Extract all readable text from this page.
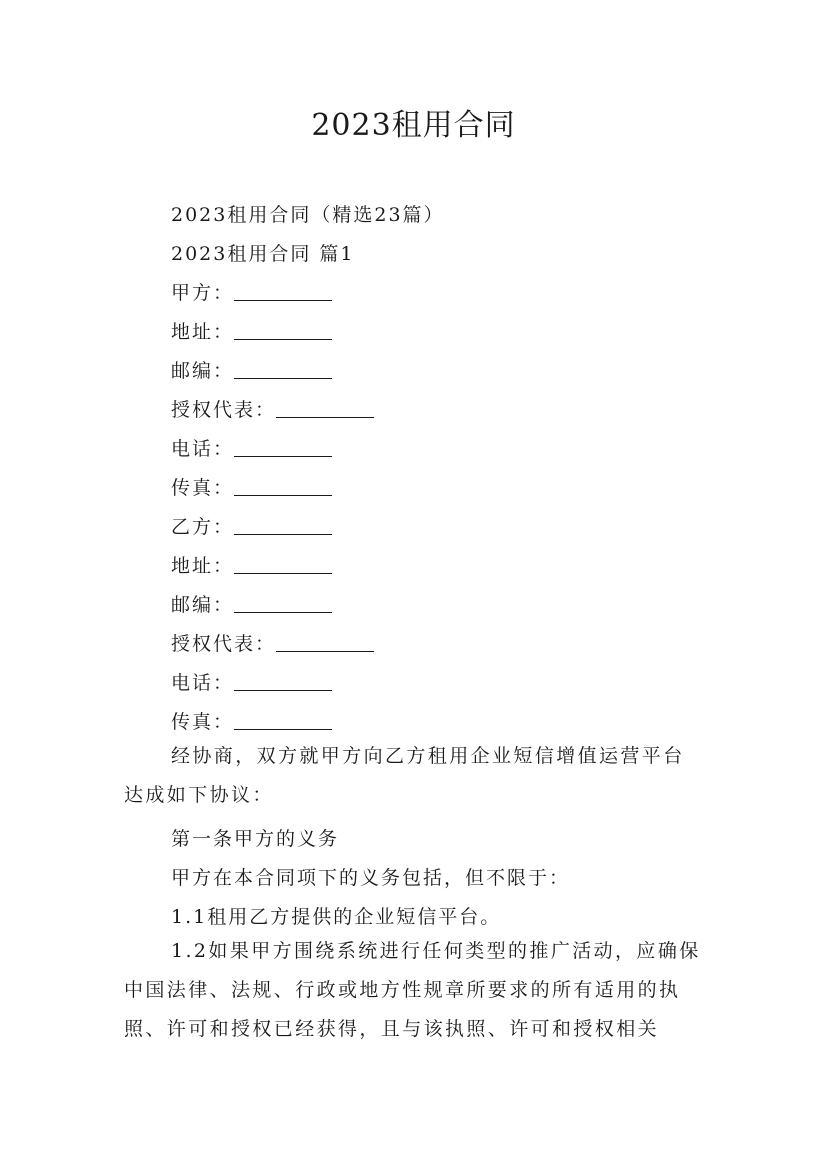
2023租用合同
2023租用合同（精选23篇）
2023租用合同 篇1
甲方：
地址：
邮编：
授权代表：
电话：
传真：
乙方：
地址：
邮编：
授权代表：
电话：
传真：

经协商，双方就甲方向乙方租用企业短信增值运营平台达成如下协议：

第一条甲方的义务
甲方在本合同项下的义务包括，但不限于：
1.1租用乙方提供的企业短信平台。

1.2如果甲方围绕系统进行任何类型的推广活动，应确保中国法律、法规、行政或地方性规章所要求的所有适用的执照、许可和授权已经获得，且与该执照、许可和授权相关
